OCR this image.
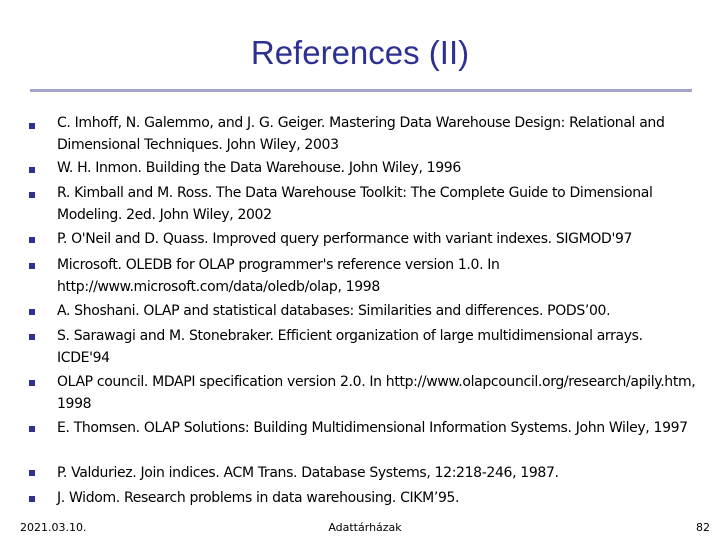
References (II)
C. Imhoff, N. Galemmo, and J. G. Geiger. Mastering Data Warehouse Design: Relational and Dimensional Techniques. John Wiley, 2003
W. H. Inmon. Building the Data Warehouse. John Wiley, 1996
R. Kimball and M. Ross. The Data Warehouse Toolkit: The Complete Guide to Dimensional Modeling. 2ed. John Wiley, 2002
P. O'Neil and D. Quass. Improved query performance with variant indexes. SIGMOD'97
Microsoft. OLEDB for OLAP programmer's reference version 1.0. In http://www.microsoft.com/data/oledb/olap, 1998
A. Shoshani. OLAP and statistical databases: Similarities and differences. PODS’00.
S. Sarawagi and M. Stonebraker. Efficient organization of large multidimensional arrays. ICDE'94
OLAP council. MDAPI specification version 2.0. In http://www.olapcouncil.org/research/apily.htm, 1998
E. Thomsen. OLAP Solutions: Building Multidimensional Information Systems. John Wiley, 1997
P. Valduriez. Join indices. ACM Trans. Database Systems, 12:218-246, 1987.
J. Widom. Research problems in data warehousing. CIKM’95.
2021.03.10.	Adattárházak	82
